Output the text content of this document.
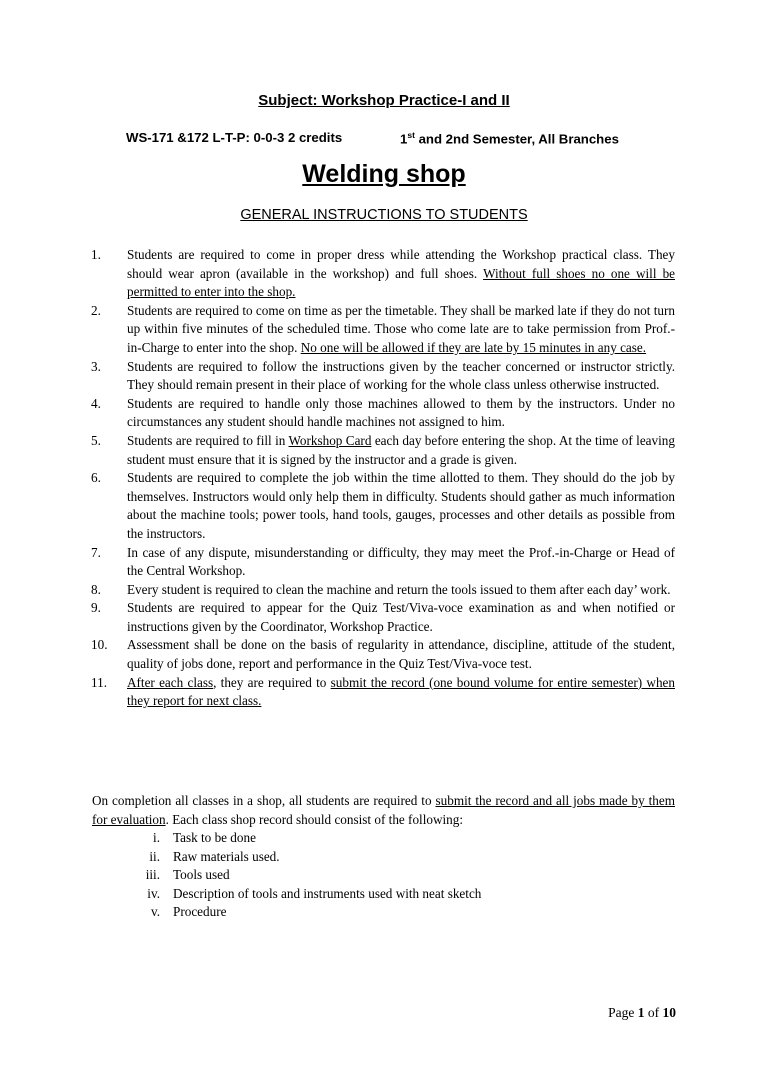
Subject: Workshop Practice-I and II
WS-171 &172 L-T-P: 0-0-3 2 credits	1st and 2nd Semester, All Branches
Welding shop
GENERAL INSTRUCTIONS TO STUDENTS
1. Students are required to come in proper dress while attending the Workshop practical class. They should wear apron (available in the workshop) and full shoes. Without full shoes no one will be permitted to enter into the shop.
2. Students are required to come on time as per the timetable. They shall be marked late if they do not turn up within five minutes of the scheduled time. Those who come late are to take permission from Prof.-in-Charge to enter into the shop. No one will be allowed if they are late by 15 minutes in any case.
3. Students are required to follow the instructions given by the teacher concerned or instructor strictly. They should remain present in their place of working for the whole class unless otherwise instructed.
4. Students are required to handle only those machines allowed to them by the instructors. Under no circumstances any student should handle machines not assigned to him.
5. Students are required to fill in Workshop Card each day before entering the shop. At the time of leaving student must ensure that it is signed by the instructor and a grade is given.
6. Students are required to complete the job within the time allotted to them. They should do the job by themselves. Instructors would only help them in difficulty. Students should gather as much information about the machine tools; power tools, hand tools, gauges, processes and other details as possible from the instructors.
7. In case of any dispute, misunderstanding or difficulty, they may meet the Prof.-in-Charge or Head of the Central Workshop.
8. Every student is required to clean the machine and return the tools issued to them after each day’ work.
9. Students are required to appear for the Quiz Test/Viva-voce examination as and when notified or instructions given by the Coordinator, Workshop Practice.
10. Assessment shall be done on the basis of regularity in attendance, discipline, attitude of the student, quality of jobs done, report and performance in the Quiz Test/Viva-voce test.
11. After each class, they are required to submit the record (one bound volume for entire semester) when they report for next class.
On completion all classes in a shop, all students are required to submit the record and all jobs made by them for evaluation. Each class shop record should consist of the following:
i. Task to be done
ii. Raw materials used.
iii. Tools used
iv. Description of tools and instruments used with neat sketch
v. Procedure
Page 1 of 10
